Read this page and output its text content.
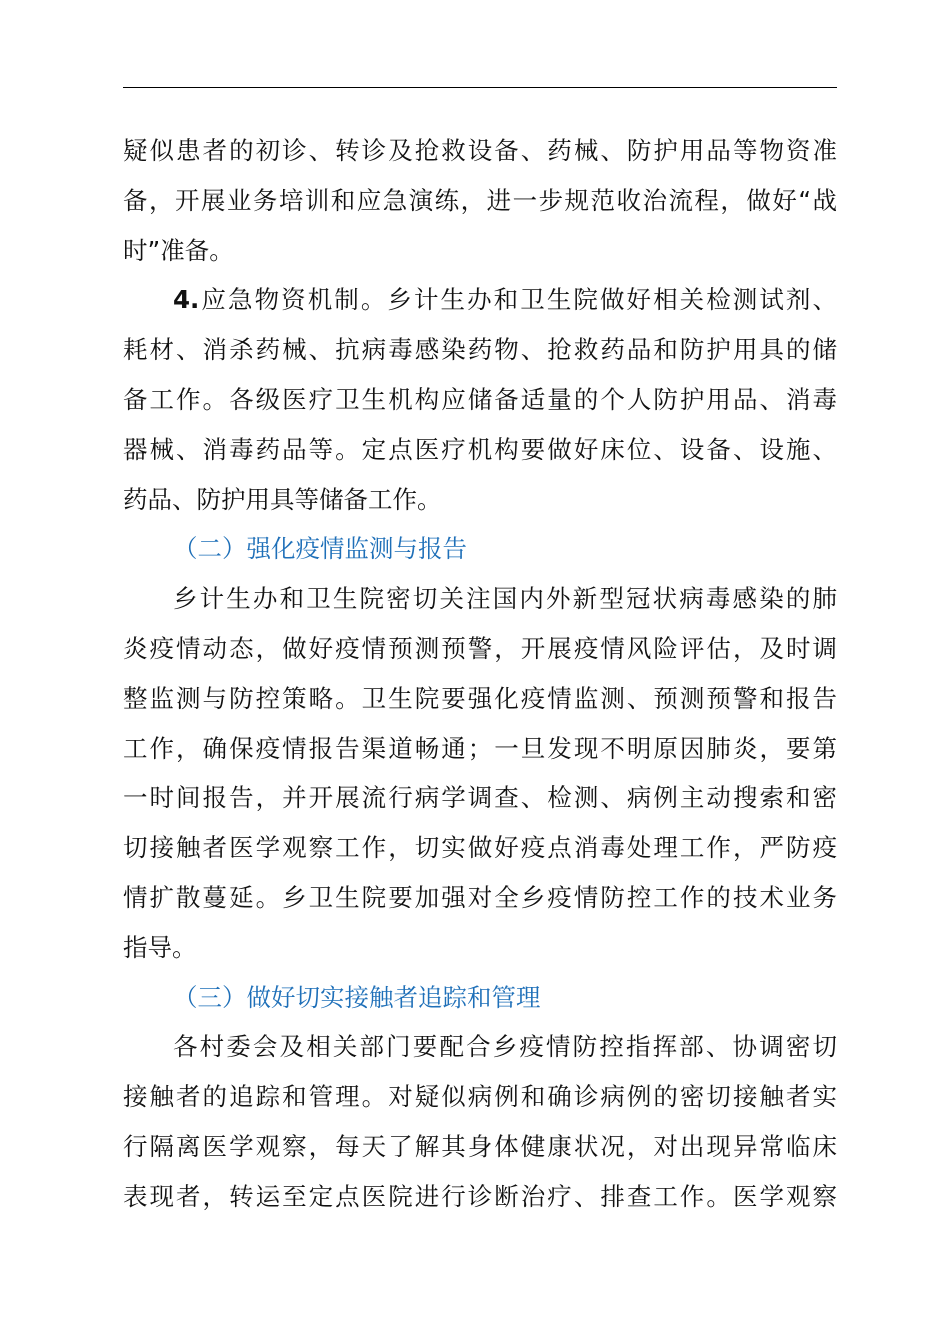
疑似患者的初诊、转诊及抢救设备、药械、防护用品等物资准
备，开展业务培训和应急演练，进一步规范收治流程，做好“战
时”准备。
4.应急物资机制。乡计生办和卫生院做好相关检测试剂、
耗材、消杀药械、抗病毒感染药物、抢救药品和防护用具的储
备工作。各级医疗卫生机构应储备适量的个人防护用品、消毒
器械、消毒药品等。定点医疗机构要做好床位、设备、设施、
药品、防护用具等储备工作。
（二）强化疫情监测与报告
乡计生办和卫生院密切关注国内外新型冠状病毒感染的肺
炎疫情动态，做好疫情预测预警，开展疫情风险评估，及时调
整监测与防控策略。卫生院要强化疫情监测、预测预警和报告
工作，确保疫情报告渠道畅通；一旦发现不明原因肺炎，要第
一时间报告，并开展流行病学调查、检测、病例主动搜索和密
切接触者医学观察工作，切实做好疫点消毒处理工作，严防疫
情扩散蔓延。乡卫生院要加强对全乡疫情防控工作的技术业务
指导。
（三）做好切实接触者追踪和管理
各村委会及相关部门要配合乡疫情防控指挥部、协调密切
接触者的追踪和管理。对疑似病例和确诊病例的密切接触者实
行隔离医学观察，每天了解其身体健康状况，对出现异常临床
表现者，转运至定点医院进行诊断治疗、排查工作。医学观察
